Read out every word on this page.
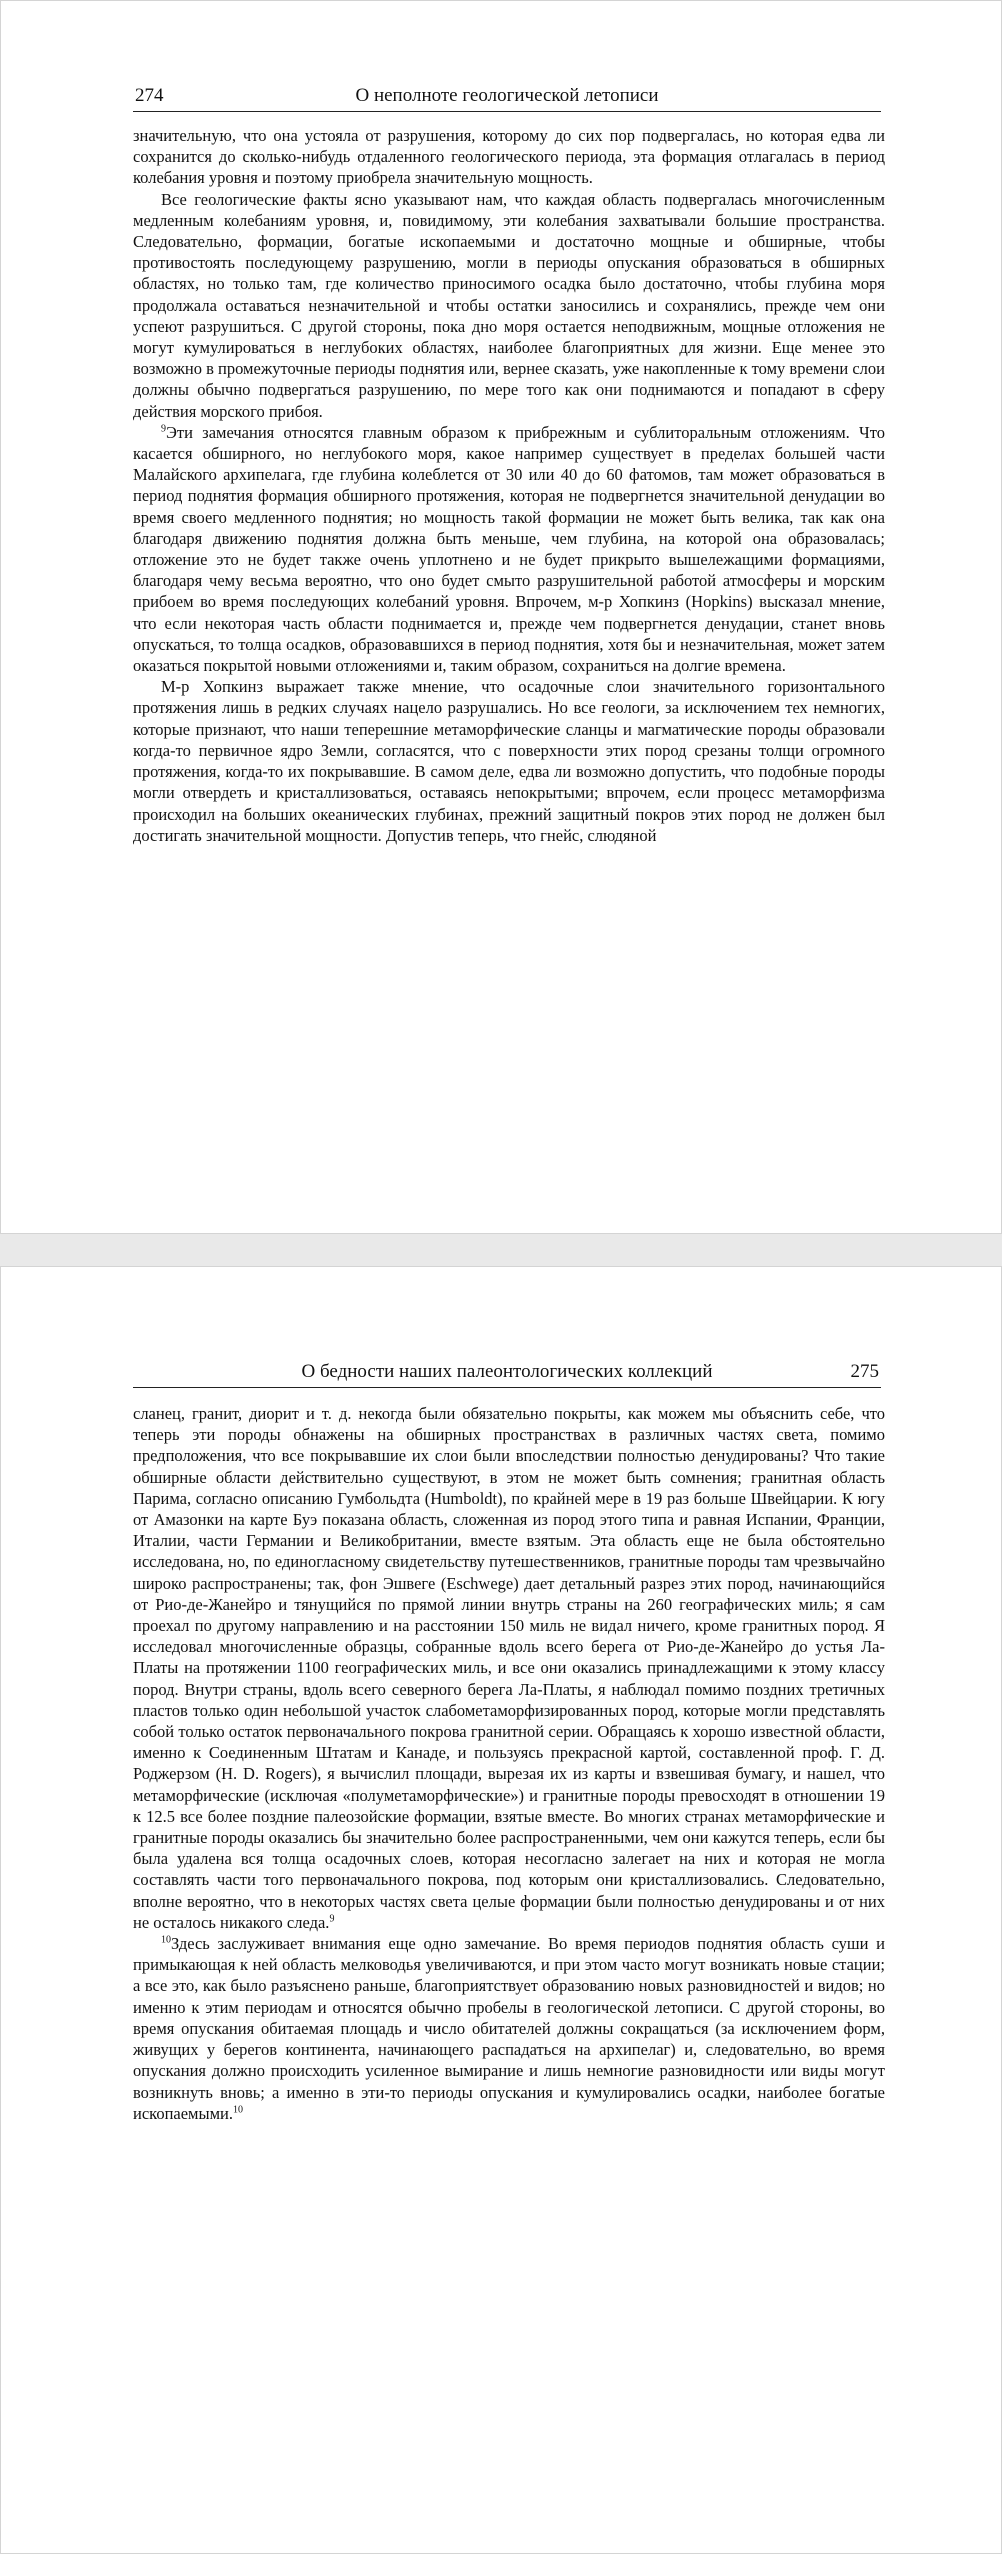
274	О неполноте геологической летописи

значительную, что она устояла от разрушения, которому до сих пор подвергалась, но которая едва ли сохранится до сколько-нибудь отдаленного геологического периода, эта формация отлагалась в период колебания уровня и поэтому приобрела значительную мощность.

Все геологические факты ясно указывают нам, что каждая область подвергалась многочисленным медленным колебаниям уровня, и, повидимому, эти колебания захватывали большие пространства. Следовательно, формации, богатые ископаемыми и достаточно мощные и обширные, чтобы противостоять последующему разрушению, могли в периоды опускания образоваться в обширных областях, но только там, где количество приносимого осадка было достаточно, чтобы глубина моря продолжала оставаться незначительной и чтобы остатки заносились и сохранялись, прежде чем они успеют разрушиться. С другой стороны, пока дно моря остается неподвижным, мощные отложения не могут кумулироваться в неглубоких областях, наиболее благоприятных для жизни. Еще менее это возможно в промежуточные периоды поднятия или, вернее сказать, уже накопленные к тому времени слои должны обычно подвергаться разрушению, по мере того как они поднимаются и попадают в сферу действия морского прибоя.

$^9$Эти замечания относятся главным образом к прибрежным и сублиторальным отложениям. Что касается обширного, но неглубокого моря, какое например существует в пределах большей части Малайского архипелага, где глубина колеблется от 30 или 40 до 60 фатомов, там может образоваться в период поднятия формация обширного протяжения, которая не подвергнется значительной денудации во время своего медленного поднятия; но мощность такой формации не может быть велика, так как она благодаря движению поднятия должна быть меньше, чем глубина, на которой она образовалась; отложение это не будет также очень уплотнено и не будет прикрыто вышележащими формациями, благодаря чему весьма вероятно, что оно будет смыто разрушительной работой атмосферы и морским прибоем во время последующих колебаний уровня. Впрочем, м-р Хопкинз (Hopkins) высказал мнение, что если некоторая часть области поднимается и, прежде чем подвергнется денудации, станет вновь опускаться, то толща осадков, образовавшихся в период поднятия, хотя бы и незначительная, может затем оказаться покрытой новыми отложениями и, таким образом, сохраниться на долгие времена.

М-р Хопкинз выражает также мнение, что осадочные слои значительного горизонтального протяжения лишь в редких случаях нацело разрушались. Но все геологи, за исключением тех немногих, которые признают, что наши теперешние метаморфические сланцы и магматические породы образовали когда-то первичное ядро Земли, согласятся, что с поверхности этих пород срезаны толщи огромного протяжения, когда-то их покрывавшие. В самом деле, едва ли возможно допустить, что подобные породы могли отвердеть и кристаллизоваться, оставаясь непокрытыми; впрочем, если процесс метаморфизма происходил на больших океанических глубинах, прежний защитный покров этих пород не должен был достигать значительной мощности. Допустив теперь, что гнейс, слюдяной

О бедности наших палеонтологических коллекций	275

сланец, гранит, диорит и т. д. некогда были обязательно покрыты, как можем мы объяснить себе, что теперь эти породы обнажены на обширных пространствах в различных частях света, помимо предположения, что все покрывавшие их слои были впоследствии полностью денудированы? Что такие обширные области действительно существуют, в этом не может быть сомнения; гранитная область Парима, согласно описанию Гумбольдта (Humboldt), по крайней мере в 19 раз больше Швейцарии. К югу от Амазонки на карте Буэ показана область, сложенная из пород этого типа и равная Испании, Франции, Италии, части Германии и Великобритании, вместе взятым. Эта область еще не была обстоятельно исследована, но, по единогласному свидетельству путешественников, гранитные породы там чрезвычайно широко распространены; так, фон Эшвеге (Eschwege) дает детальный разрез этих пород, начинающийся от Рио-де-Жанейро и тянущийся по прямой линии внутрь страны на 260 географических миль; я сам проехал по другому направлению и на расстоянии 150 миль не видал ничего, кроме гранитных пород. Я исследовал многочисленные образцы, собранные вдоль всего берега от Рио-де-Жанейро до устья Ла-Платы на протяжении 1100 географических миль, и все они оказались принадлежащими к этому классу пород. Внутри страны, вдоль всего северного берега Ла-Платы, я наблюдал помимо поздних третичных пластов только один небольшой участок слабометаморфизированных пород, которые могли представлять собой только остаток первоначального покрова гранитной серии. Обращаясь к хорошо известной области, именно к Соединенным Штатам и Канаде, и пользуясь прекрасной картой, составленной проф. Г. Д. Роджерзом (H. D. Rogers), я вычислил площади, вырезая их из карты и взвешивая бумагу, и нашел, что метаморфические (исключая «полуметаморфические») и гранитные породы превосходят в отношении 19 к 12.5 все более поздние палеозойские формации, взятые вместе. Во многих странах метаморфические и гранитные породы оказались бы значительно более распространенными, чем они кажутся теперь, если бы была удалена вся толща осадочных слоев, которая несогласно залегает на них и которая не могла составлять части того первоначального покрова, под которым они кристаллизовались. Следовательно, вполне вероятно, что в некоторых частях света целые формации были полностью денудированы и от них не осталось никакого следа.$^9$

$^{10}$Здесь заслуживает внимания еще одно замечание. Во время периодов поднятия область суши и примыкающая к ней область мелководья увеличиваются, и при этом часто могут возникать новые стации; а все это, как было разъяснено раньше, благоприятствует образованию новых разновидностей и видов; но именно к этим периодам и относятся обычно пробелы в геологической летописи. С другой стороны, во время опускания обитаемая площадь и число обитателей должны сокращаться (за исключением форм, живущих у берегов континента, начинающего распадаться на архипелаг) и, следовательно, во время опускания должно происходить усиленное вымирание и лишь немногие разновидности или виды могут возникнуть вновь; а именно в эти-то периоды опускания и кумулировались осадки, наиболее богатые ископаемыми.$^{10}$
